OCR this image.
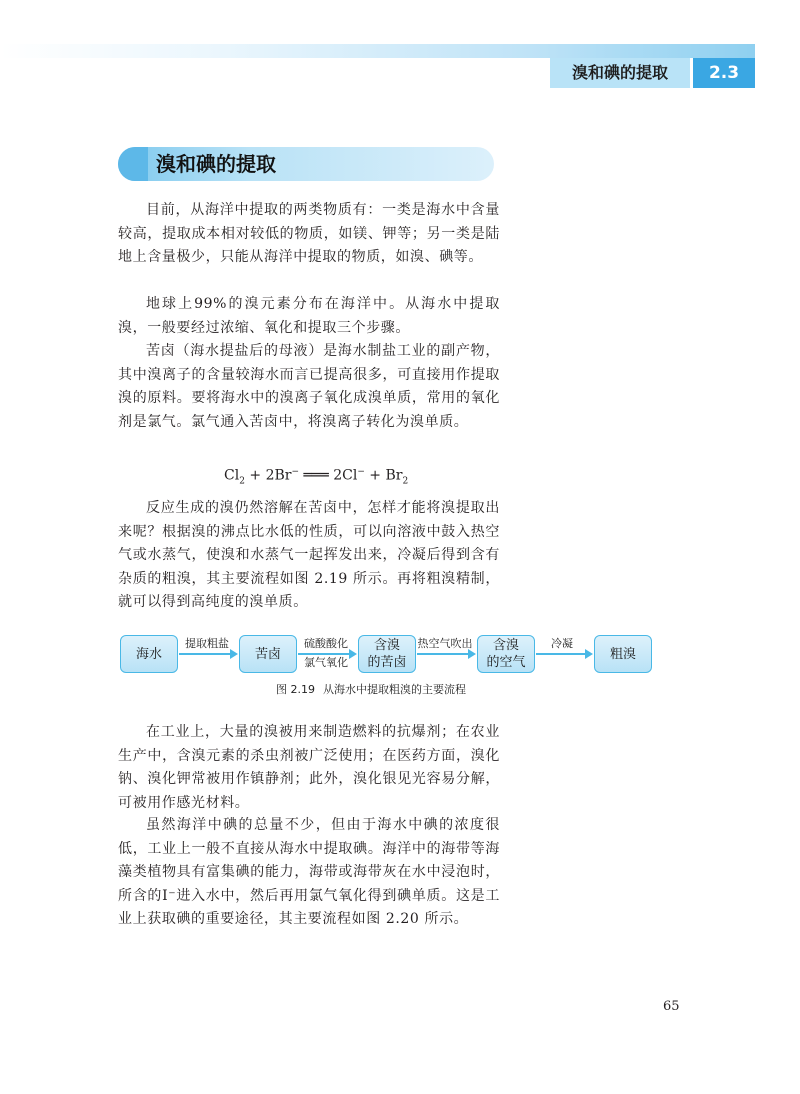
溴和碘的提取	2.3
溴和碘的提取
目前，从海洋中提取的两类物质有：一类是海水中含量较高，提取成本相对较低的物质，如镁、钾等；另一类是陆地上含量极少，只能从海洋中提取的物质，如溴、碘等。
地球上99%的溴元素分布在海洋中。从海水中提取溴，一般要经过浓缩、氧化和提取三个步骤。
苦卤（海水提盐后的母液）是海水制盐工业的副产物，其中溴离子的含量较海水而言已提高很多，可直接用作提取溴的原料。要将海水中的溴离子氧化成溴单质，常用的氧化剂是氯气。氯气通入苦卤中，将溴离子转化为溴单质。
$Cl_2 + 2Br^-$ ═══ $2Cl^- + Br_2$
反应生成的溴仍然溶解在苦卤中，怎样才能将溴提取出来呢？根据溴的沸点比水低的性质，可以向溶液中鼓入热空气或水蒸气，使溴和水蒸气一起挥发出来，冷凝后得到含有杂质的粗溴，其主要流程如图 2.19 所示。再将粗溴精制，就可以得到高纯度的溴单质。
海水	苦卤
含溴
的苦卤
含溴
的空气
粗溴
提取粗盐	硫酸酸化
氯气氧化
热空气吹出	冷凝
图 2.19 从海水中提取粗溴的主要流程
在工业上，大量的溴被用来制造燃料的抗爆剂；在农业生产中，含溴元素的杀虫剂被广泛使用；在医药方面，溴化钠、溴化钾常被用作镇静剂；此外，溴化银见光容易分解，可被用作感光材料。
虽然海洋中碘的总量不少，但由于海水中碘的浓度很低，工业上一般不直接从海水中提取碘。海洋中的海带等海藻类植物具有富集碘的能力，海带或海带灰在水中浸泡时，所含的I⁻进入水中，然后再用氯气氧化得到碘单质。这是工业上获取碘的重要途径，其主要流程如图 2.20 所示。
65
